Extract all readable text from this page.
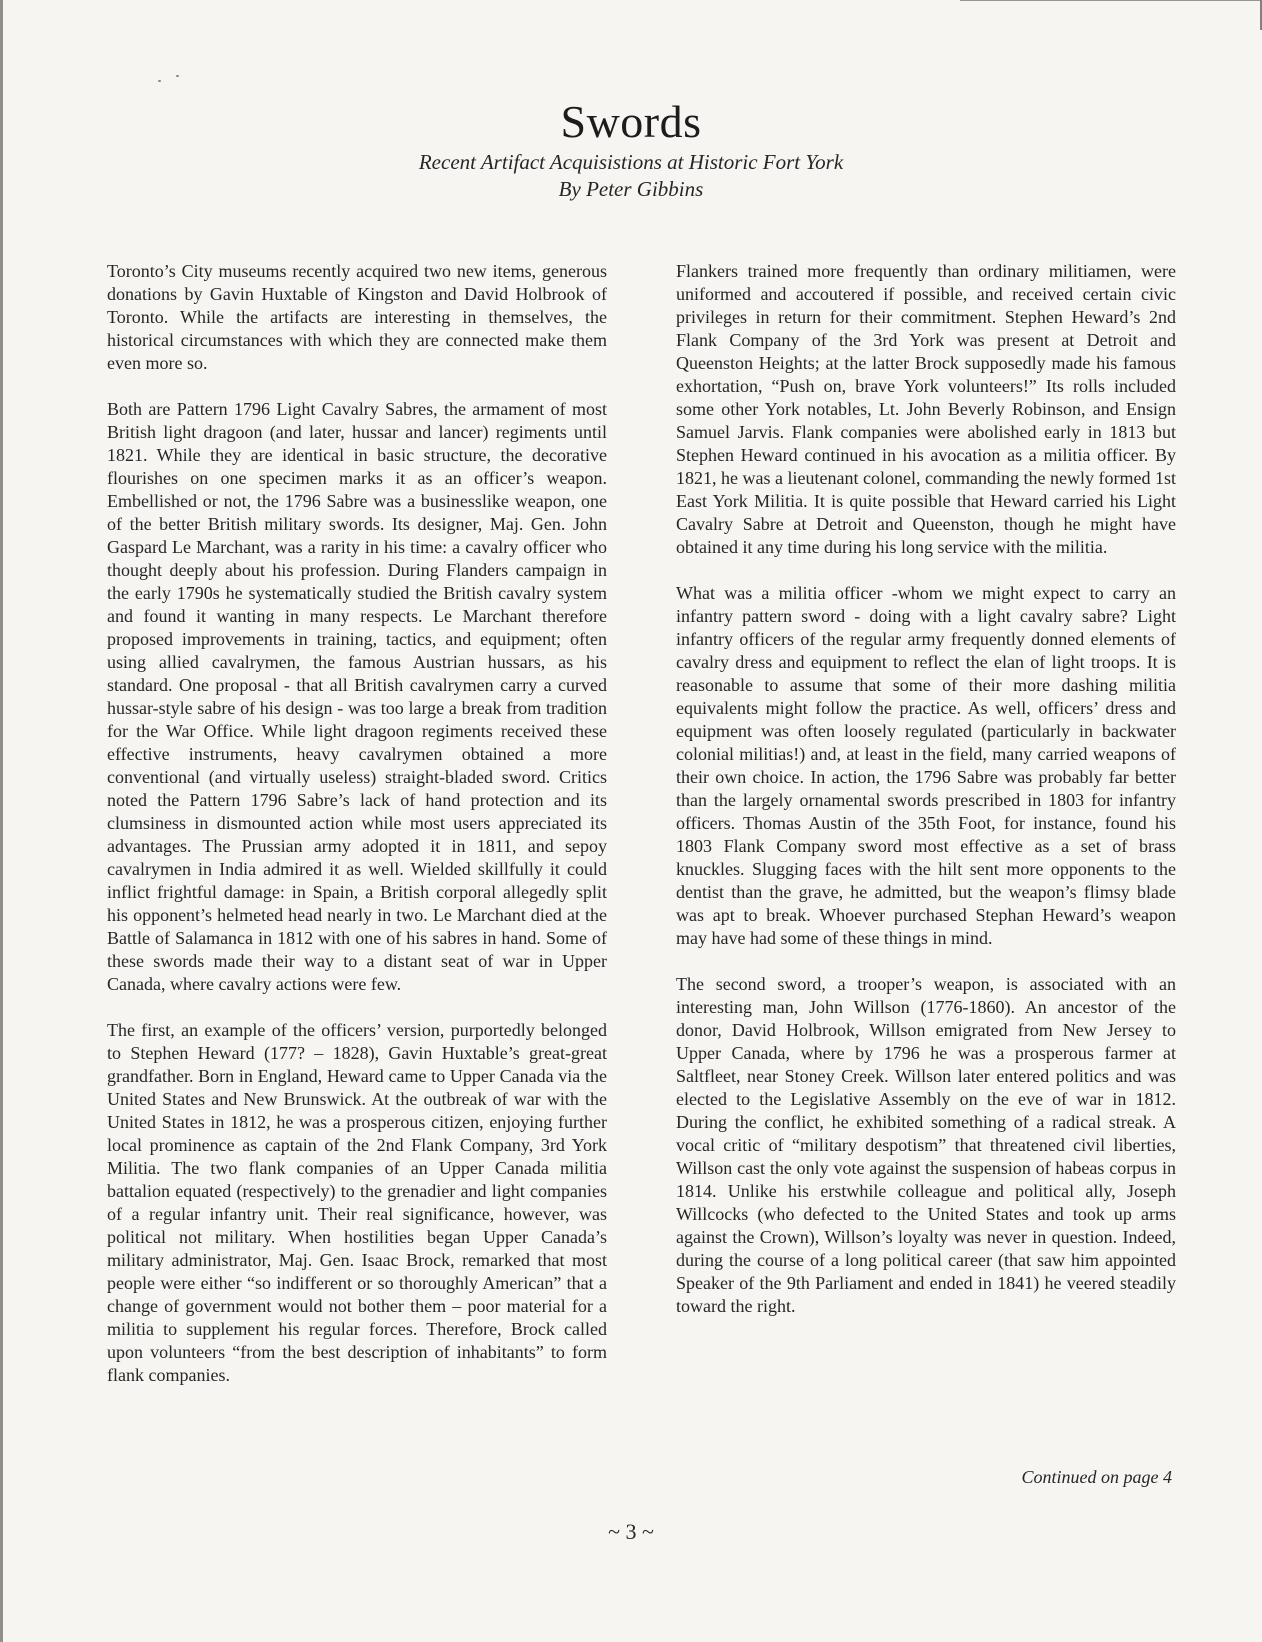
Swords
Recent Artifact Acquisistions at Historic Fort York
By Peter Gibbins

Toronto’s City museums recently acquired two new items, generous donations by Gavin Huxtable of Kingston and David Holbrook of Toronto. While the artifacts are interesting in themselves, the historical circumstances with which they are connected make them even more so.

Both are Pattern 1796 Light Cavalry Sabres, the armament of most British light dragoon (and later, hussar and lancer) regiments until 1821. While they are identical in basic structure, the decorative flourishes on one specimen marks it as an officer’s weapon. Embellished or not, the 1796 Sabre was a businesslike weapon, one of the better British military swords. Its designer, Maj. Gen. John Gaspard Le Marchant, was a rarity in his time: a cavalry officer who thought deeply about his profession. During Flanders campaign in the early 1790s he systematically studied the British cavalry system and found it wanting in many respects. Le Marchant therefore proposed improvements in training, tactics, and equipment; often using allied cavalrymen, the famous Austrian hussars, as his standard. One proposal - that all British cavalrymen carry a curved hussar-style sabre of his design - was too large a break from tradition for the War Office. While light dragoon regiments received these effective instruments, heavy cavalrymen obtained a more conventional (and virtually useless) straight-bladed sword. Critics noted the Pattern 1796 Sabre’s lack of hand protection and its clumsiness in dismounted action while most users appreciated its advantages. The Prussian army adopted it in 1811, and sepoy cavalrymen in India admired it as well. Wielded skillfully it could inflict frightful damage: in Spain, a British corporal allegedly split his opponent’s helmeted head nearly in two. Le Marchant died at the Battle of Salamanca in 1812 with one of his sabres in hand. Some of these swords made their way to a distant seat of war in Upper Canada, where cavalry actions were few.

The first, an example of the officers’ version, purportedly belonged to Stephen Heward (177? – 1828), Gavin Huxtable’s great-great grandfather. Born in England, Heward came to Upper Canada via the United States and New Brunswick. At the outbreak of war with the United States in 1812, he was a prosperous citizen, enjoying further local prominence as captain of the 2nd Flank Company, 3rd York Militia. The two flank companies of an Upper Canada militia battalion equated (respectively) to the grenadier and light companies of a regular infantry unit. Their real significance, however, was political not military. When hostilities began Upper Canada’s military administrator, Maj. Gen. Isaac Brock, remarked that most people were either “so indifferent or so thoroughly American” that a change of government would not bother them – poor material for a militia to supplement his regular forces. Therefore, Brock called upon volunteers “from the best description of inhabitants” to form flank companies.

Flankers trained more frequently than ordinary militiamen, were uniformed and accoutered if possible, and received certain civic privileges in return for their commitment. Stephen Heward’s 2nd Flank Company of the 3rd York was present at Detroit and Queenston Heights; at the latter Brock supposedly made his famous exhortation, “Push on, brave York volunteers!” Its rolls included some other York notables, Lt. John Beverly Robinson, and Ensign Samuel Jarvis. Flank companies were abolished early in 1813 but Stephen Heward continued in his avocation as a militia officer. By 1821, he was a lieutenant colonel, commanding the newly formed 1st East York Militia. It is quite possible that Heward carried his Light Cavalry Sabre at Detroit and Queenston, though he might have obtained it any time during his long service with the militia.

What was a militia officer -whom we might expect to carry an infantry pattern sword - doing with a light cavalry sabre? Light infantry officers of the regular army frequently donned elements of cavalry dress and equipment to reflect the elan of light troops. It is reasonable to assume that some of their more dashing militia equivalents might follow the practice. As well, officers’ dress and equipment was often loosely regulated (particularly in backwater colonial militias!) and, at least in the field, many carried weapons of their own choice. In action, the 1796 Sabre was probably far better than the largely ornamental swords prescribed in 1803 for infantry officers. Thomas Austin of the 35th Foot, for instance, found his 1803 Flank Company sword most effective as a set of brass knuckles. Slugging faces with the hilt sent more opponents to the dentist than the grave, he admitted, but the weapon’s flimsy blade was apt to break. Whoever purchased Stephan Heward’s weapon may have had some of these things in mind.

The second sword, a trooper’s weapon, is associated with an interesting man, John Willson (1776-1860). An ancestor of the donor, David Holbrook, Willson emigrated from New Jersey to Upper Canada, where by 1796 he was a prosperous farmer at Saltfleet, near Stoney Creek. Willson later entered politics and was elected to the Legislative Assembly on the eve of war in 1812. During the conflict, he exhibited something of a radical streak. A vocal critic of “military despotism” that threatened civil liberties, Willson cast the only vote against the suspension of habeas corpus in 1814. Unlike his erstwhile colleague and political ally, Joseph Willcocks (who defected to the United States and took up arms against the Crown), Willson’s loyalty was never in question. Indeed, during the course of a long political career (that saw him appointed Speaker of the 9th Parliament and ended in 1841) he veered steadily toward the right.

Continued on page 4
~ 3 ~
